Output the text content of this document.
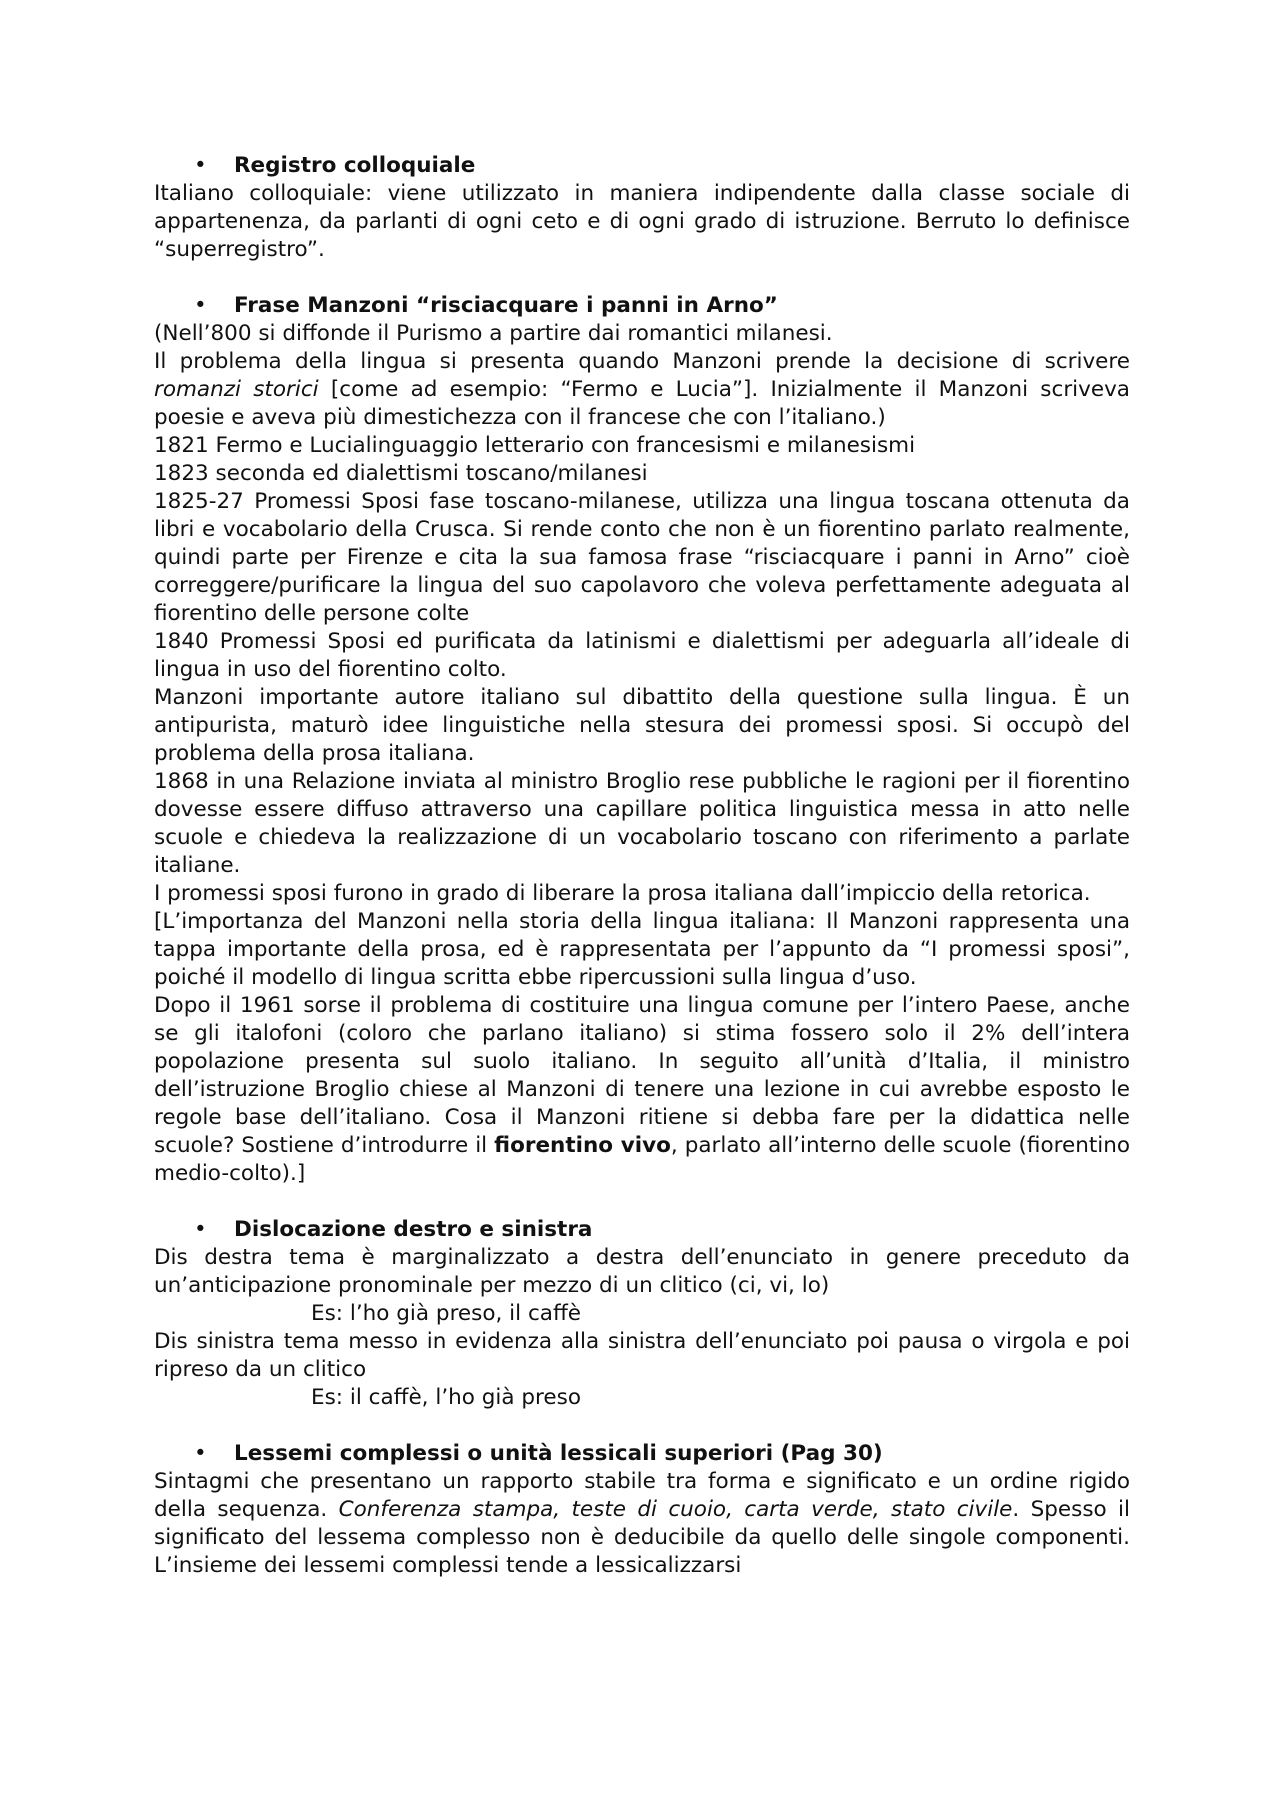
• Registro colloquiale

Italiano colloquiale: viene utilizzato in maniera indipendente dalla classe sociale di appartenenza, da parlanti di ogni ceto e di ogni grado di istruzione. Berruto lo definisce “superregistro”.

• Frase Manzoni “risciacquare i panni in Arno”

(Nell’800 si diffonde il Purismo a partire dai romantici milanesi.

Il problema della lingua si presenta quando Manzoni prende la decisione di scrivere romanzi storici [come ad esempio: “Fermo e Lucia”]. Inizialmente il Manzoni scriveva poesie e aveva più dimestichezza con il francese che con l’italiano.)

1821 Fermo e Lucialinguaggio letterario con francesismi e milanesismi

1823 seconda ed dialettismi toscano/milanesi

1825-27 Promessi Sposi fase toscano-milanese, utilizza una lingua toscana ottenuta da libri e vocabolario della Crusca. Si rende conto che non è un fiorentino parlato realmente, quindi parte per Firenze e cita la sua famosa frase “risciacquare i panni in Arno” cioè correggere/purificare la lingua del suo capolavoro che voleva perfettamente adeguata al fiorentino delle persone colte

1840 Promessi Sposi ed purificata da latinismi e dialettismi per adeguarla all’ideale di lingua in uso del fiorentino colto.

Manzoni importante autore italiano sul dibattito della questione sulla lingua. È un antipurista, maturò idee linguistiche nella stesura dei promessi sposi. Si occupò del problema della prosa italiana.

1868 in una Relazione inviata al ministro Broglio rese pubbliche le ragioni per il fiorentino dovesse essere diffuso attraverso una capillare politica linguistica messa in atto nelle scuole e chiedeva la realizzazione di un vocabolario toscano con riferimento a parlate italiane.

I promessi sposi furono in grado di liberare la prosa italiana dall’impiccio della retorica.

[L’importanza del Manzoni nella storia della lingua italiana: Il Manzoni rappresenta una tappa importante della prosa, ed è rappresentata per l’appunto da “I promessi sposi”, poiché il modello di lingua scritta ebbe ripercussioni sulla lingua d’uso.

Dopo il 1961 sorse il problema di costituire una lingua comune per l’intero Paese, anche se gli italofoni (coloro che parlano italiano) si stima fossero solo il 2% dell’intera popolazione presenta sul suolo italiano. In seguito all’unità d’Italia, il ministro dell’istruzione Broglio chiese al Manzoni di tenere una lezione in cui avrebbe esposto le regole base dell’italiano. Cosa il Manzoni ritiene si debba fare per la didattica nelle scuole? Sostiene d’introdurre il fiorentino vivo, parlato all’interno delle scuole (fiorentino medio-colto).]

• Dislocazione destro e sinistra

Dis destra tema è marginalizzato a destra dell’enunciato in genere preceduto da un’anticipazione pronominale per mezzo di un clitico (ci, vi, lo)

Es: l’ho già preso, il caffè

Dis sinistra tema messo in evidenza alla sinistra dell’enunciato poi pausa o virgola e poi ripreso da un clitico

Es: il caffè, l’ho già preso

• Lessemi complessi o unità lessicali superiori (Pag 30)

Sintagmi che presentano un rapporto stabile tra forma e significato e un ordine rigido della sequenza. Conferenza stampa, teste di cuoio, carta verde, stato civile. Spesso il significato del lessema complesso non è deducibile da quello delle singole componenti. L’insieme dei lessemi complessi tende a lessicalizzarsi
